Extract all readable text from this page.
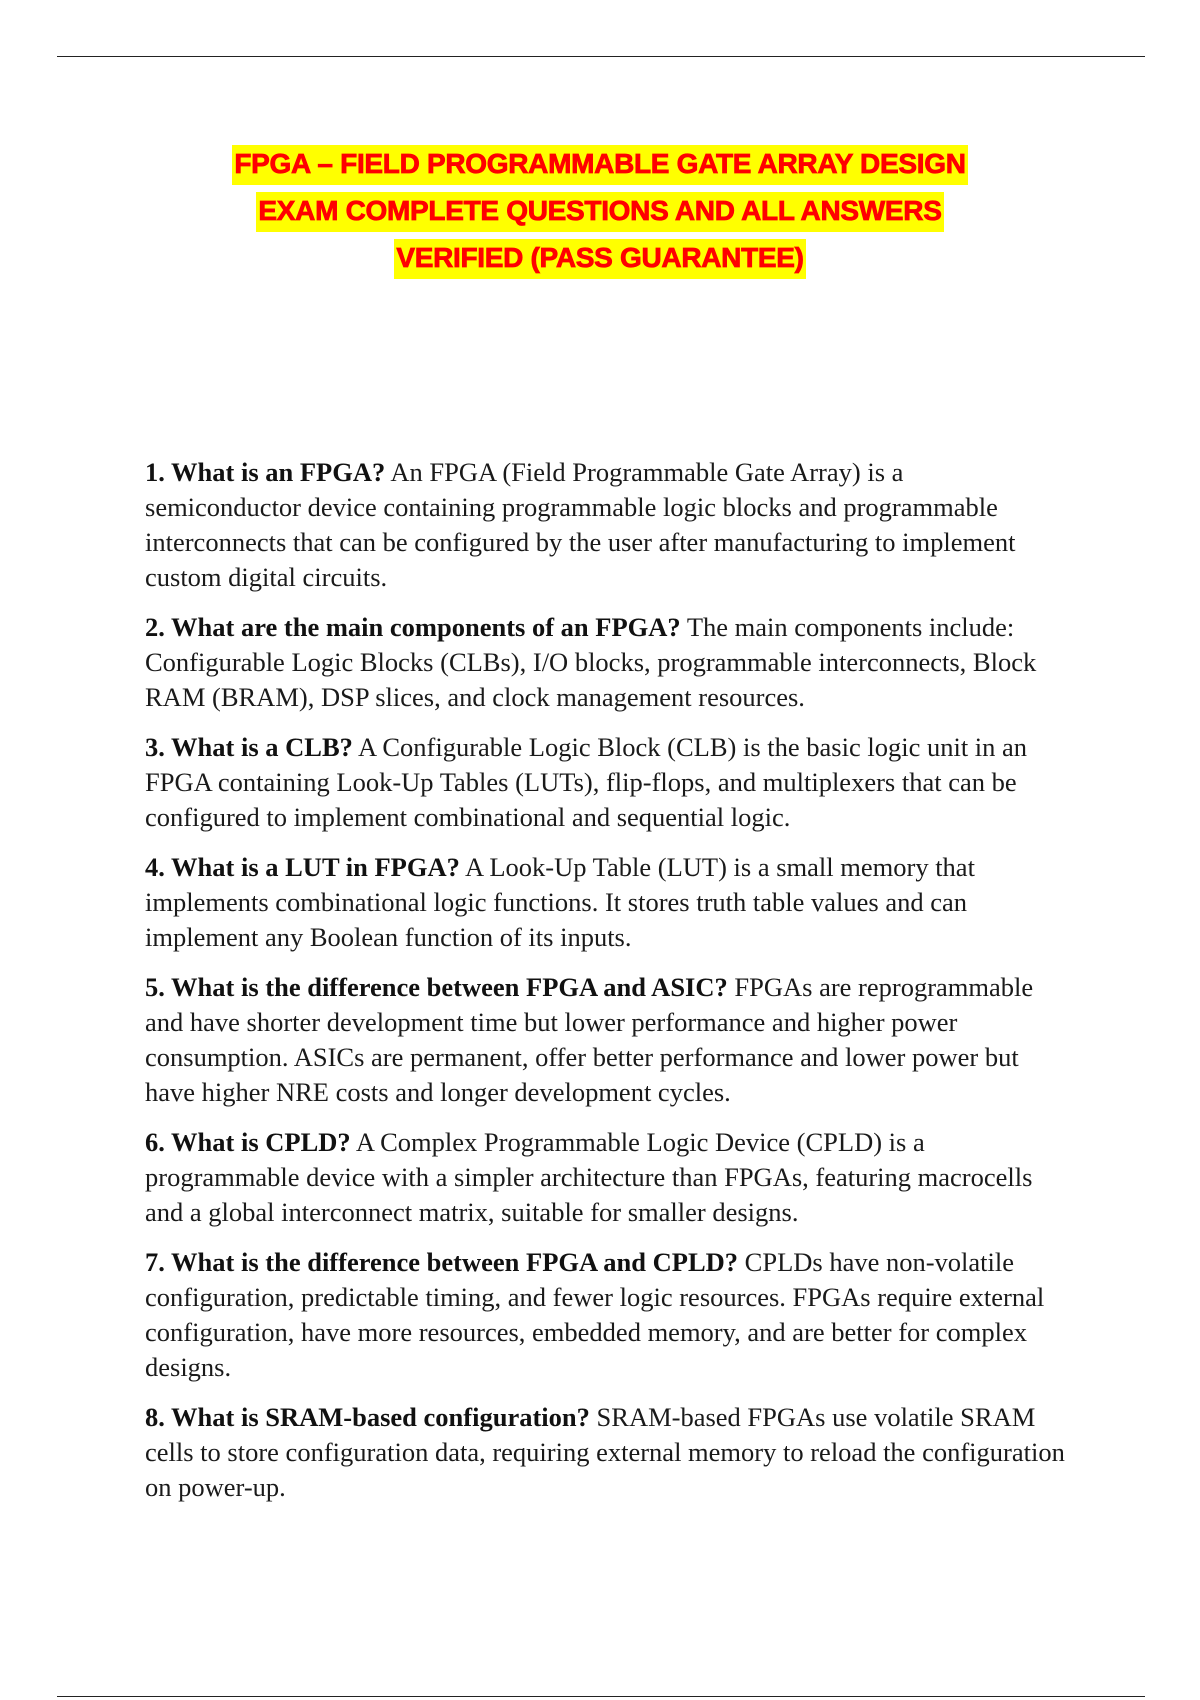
FPGA – FIELD PROGRAMMABLE GATE ARRAY DESIGN
EXAM COMPLETE QUESTIONS AND ALL ANSWERS
VERIFIED (PASS GUARANTEE)

1. What is an FPGA? An FPGA (Field Programmable Gate Array) is a semiconductor device containing programmable logic blocks and programmable interconnects that can be configured by the user after manufacturing to implement custom digital circuits.

2. What are the main components of an FPGA? The main components include: Configurable Logic Blocks (CLBs), I/O blocks, programmable interconnects, Block RAM (BRAM), DSP slices, and clock management resources.

3. What is a CLB? A Configurable Logic Block (CLB) is the basic logic unit in an FPGA containing Look-Up Tables (LUTs), flip-flops, and multiplexers that can be configured to implement combinational and sequential logic.

4. What is a LUT in FPGA? A Look-Up Table (LUT) is a small memory that implements combinational logic functions. It stores truth table values and can implement any Boolean function of its inputs.

5. What is the difference between FPGA and ASIC? FPGAs are reprogrammable and have shorter development time but lower performance and higher power consumption. ASICs are permanent, offer better performance and lower power but have higher NRE costs and longer development cycles.

6. What is CPLD? A Complex Programmable Logic Device (CPLD) is a programmable device with a simpler architecture than FPGAs, featuring macrocells and a global interconnect matrix, suitable for smaller designs.

7. What is the difference between FPGA and CPLD? CPLDs have non-volatile configuration, predictable timing, and fewer logic resources. FPGAs require external configuration, have more resources, embedded memory, and are better for complex designs.

8. What is SRAM-based configuration? SRAM-based FPGAs use volatile SRAM cells to store configuration data, requiring external memory to reload the configuration on power-up.
